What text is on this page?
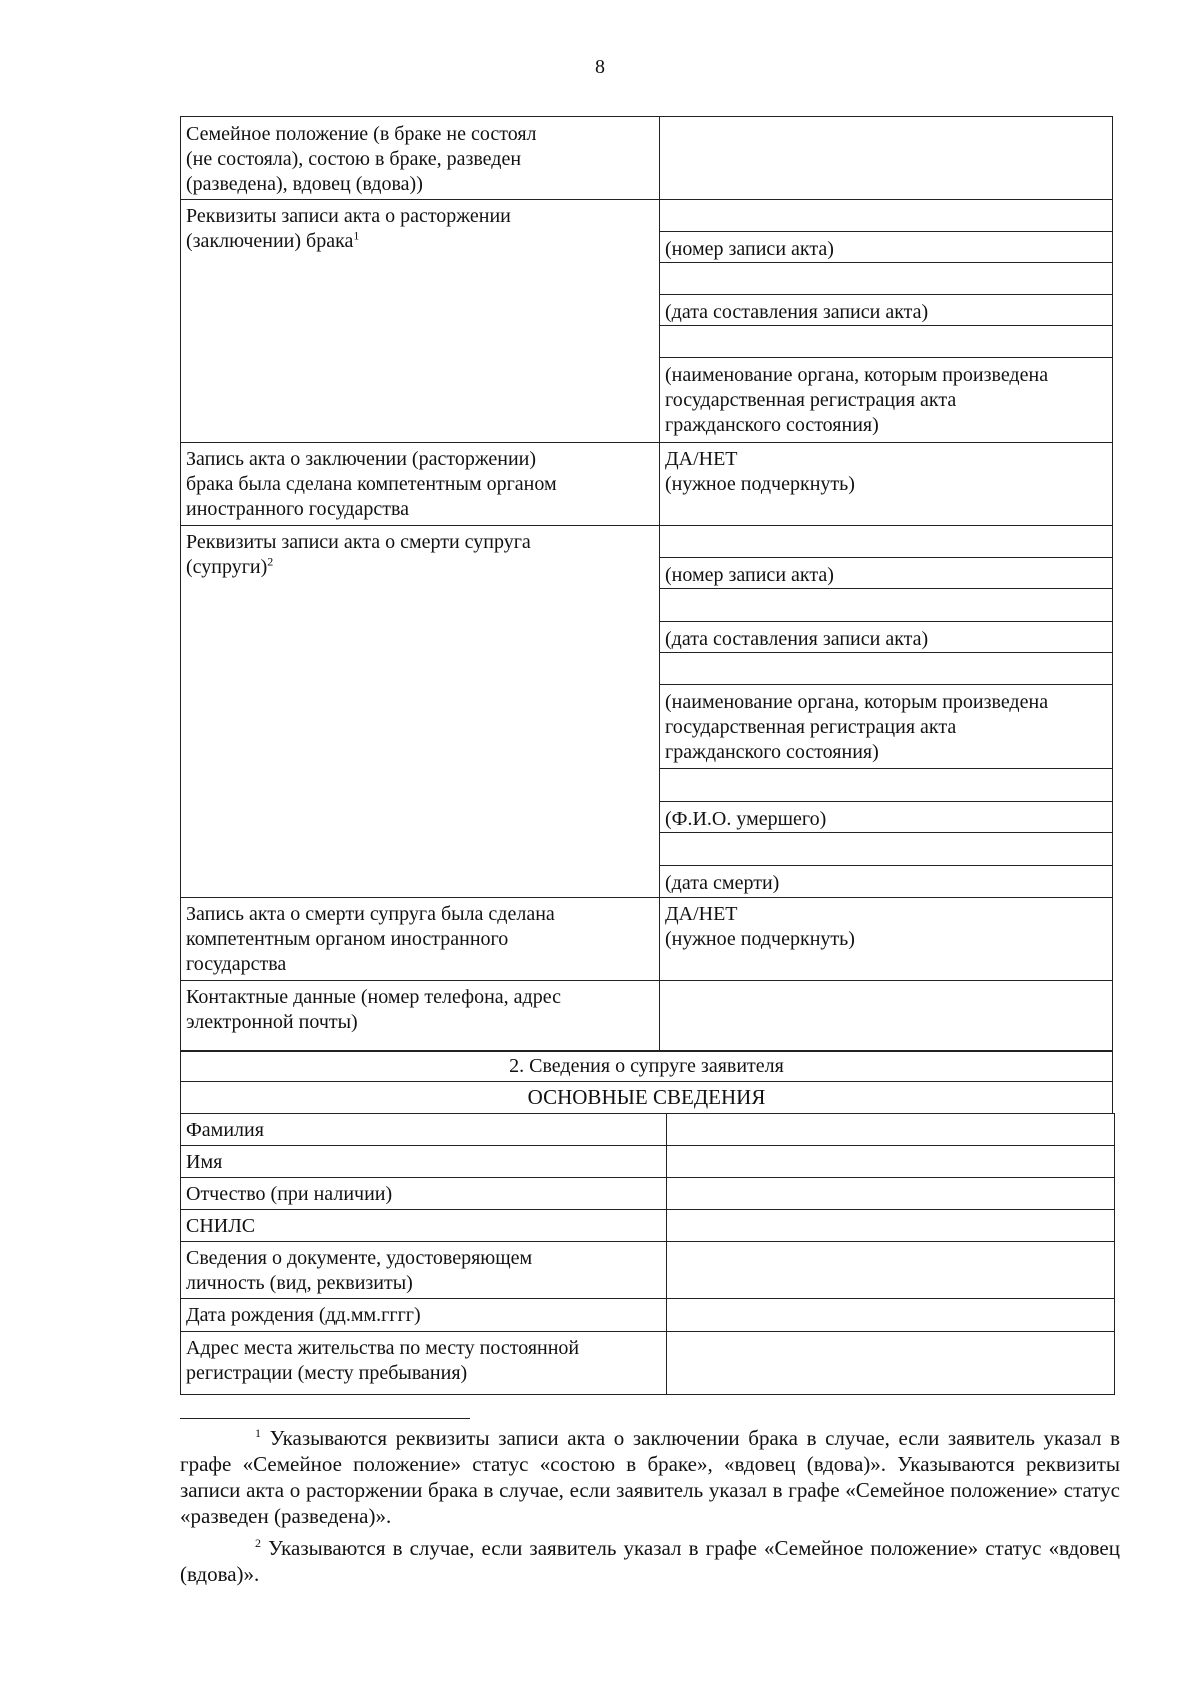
8
Семейное положение (в браке не состоял
(не состояла), состою в браке, разведен
(разведена), вдовец (вдова))
Реквизиты записи акта о расторжении
(заключении) брака$^1$
(номер записи акта)
(дата составления записи акта)
(наименование органа, которым произведена
государственная регистрация акта
гражданского состояния)
Запись акта о заключении (расторжении)
брака была сделана компетентным органом
иностранного государства
ДА/НЕТ
(нужное подчеркнуть)
Реквизиты записи акта о смерти супруга
(супруги)$^2$
(номер записи акта)
(дата составления записи акта)
(наименование органа, которым произведена
государственная регистрация акта
гражданского состояния)
(Ф.И.О. умершего)
(дата смерти)
Запись акта о смерти супруга была сделана
компетентным органом иностранного
государства
ДА/НЕТ
(нужное подчеркнуть)
Контактные данные (номер телефона, адрес
электронной почты)
2. Сведения о супруге заявителя
ОСНОВНЫЕ СВЕДЕНИЯ
Фамилия
Имя
Отчество (при наличии)
СНИЛС
Сведения о документе, удостоверяющем
личность (вид, реквизиты)
Дата рождения (дд.мм.гггг)
Адрес места жительства по месту постоянной
регистрации (месту пребывания)
$^1$ Указываются реквизиты записи акта о заключении брака в случае, если заявитель указал в графе «Семейное положение» статус «состою в браке», «вдовец (вдова)». Указываются реквизиты записи акта о расторжении брака в случае, если заявитель указал в графе «Семейное положение» статус «разведен (разведена)».
$^2$ Указываются в случае, если заявитель указал в графе «Семейное положение» статус «вдовец (вдова)».
